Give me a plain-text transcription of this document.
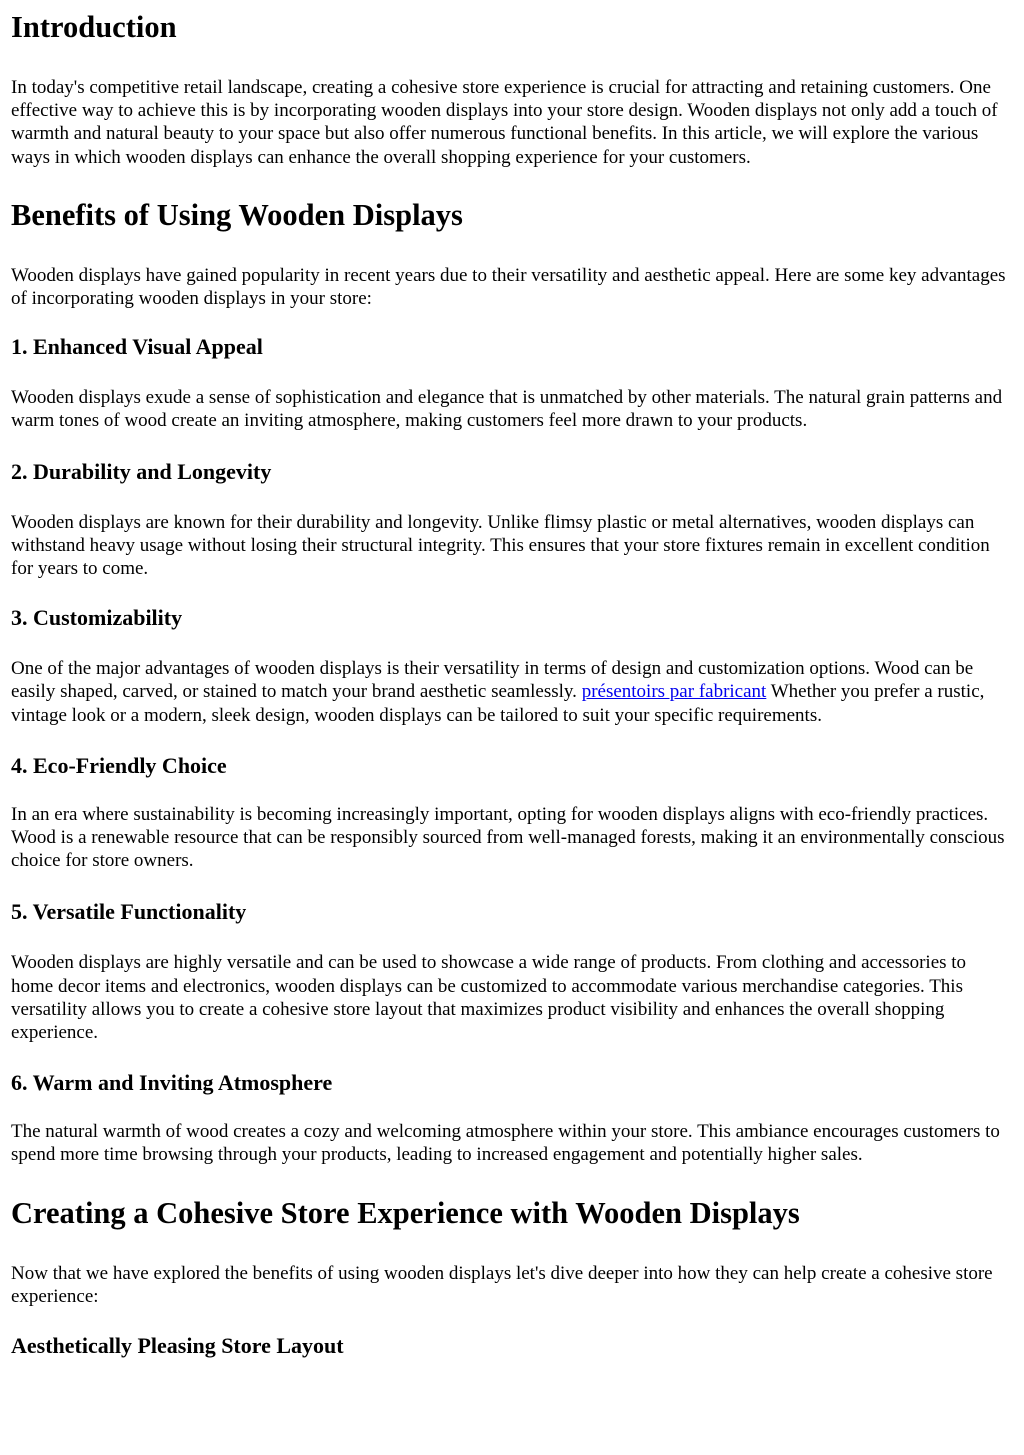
Introduction

In today's competitive retail landscape, creating a cohesive store experience is crucial for attracting and retaining customers. One effective way to achieve this is by incorporating wooden displays into your store design. Wooden displays not only add a touch of warmth and natural beauty to your space but also offer numerous functional benefits. In this article, we will explore the various ways in which wooden displays can enhance the overall shopping experience for your customers.

Benefits of Using Wooden Displays

Wooden displays have gained popularity in recent years due to their versatility and aesthetic appeal. Here are some key advantages of incorporating wooden displays in your store:

1. Enhanced Visual Appeal

Wooden displays exude a sense of sophistication and elegance that is unmatched by other materials. The natural grain patterns and warm tones of wood create an inviting atmosphere, making customers feel more drawn to your products.

2. Durability and Longevity

Wooden displays are known for their durability and longevity. Unlike flimsy plastic or metal alternatives, wooden displays can withstand heavy usage without losing their structural integrity. This ensures that your store fixtures remain in excellent condition for years to come.

3. Customizability

One of the major advantages of wooden displays is their versatility in terms of design and customization options. Wood can be easily shaped, carved, or stained to match your brand aesthetic seamlessly. présentoirs par fabricant Whether you prefer a rustic, vintage look or a modern, sleek design, wooden displays can be tailored to suit your specific requirements.

4. Eco-Friendly Choice

In an era where sustainability is becoming increasingly important, opting for wooden displays aligns with eco-friendly practices. Wood is a renewable resource that can be responsibly sourced from well-managed forests, making it an environmentally conscious choice for store owners.

5. Versatile Functionality

Wooden displays are highly versatile and can be used to showcase a wide range of products. From clothing and accessories to home decor items and electronics, wooden displays can be customized to accommodate various merchandise categories. This versatility allows you to create a cohesive store layout that maximizes product visibility and enhances the overall shopping experience.

6. Warm and Inviting Atmosphere

The natural warmth of wood creates a cozy and welcoming atmosphere within your store. This ambiance encourages customers to spend more time browsing through your products, leading to increased engagement and potentially higher sales.

Creating a Cohesive Store Experience with Wooden Displays

Now that we have explored the benefits of using wooden displays let's dive deeper into how they can help create a cohesive store experience:

Aesthetically Pleasing Store Layout
